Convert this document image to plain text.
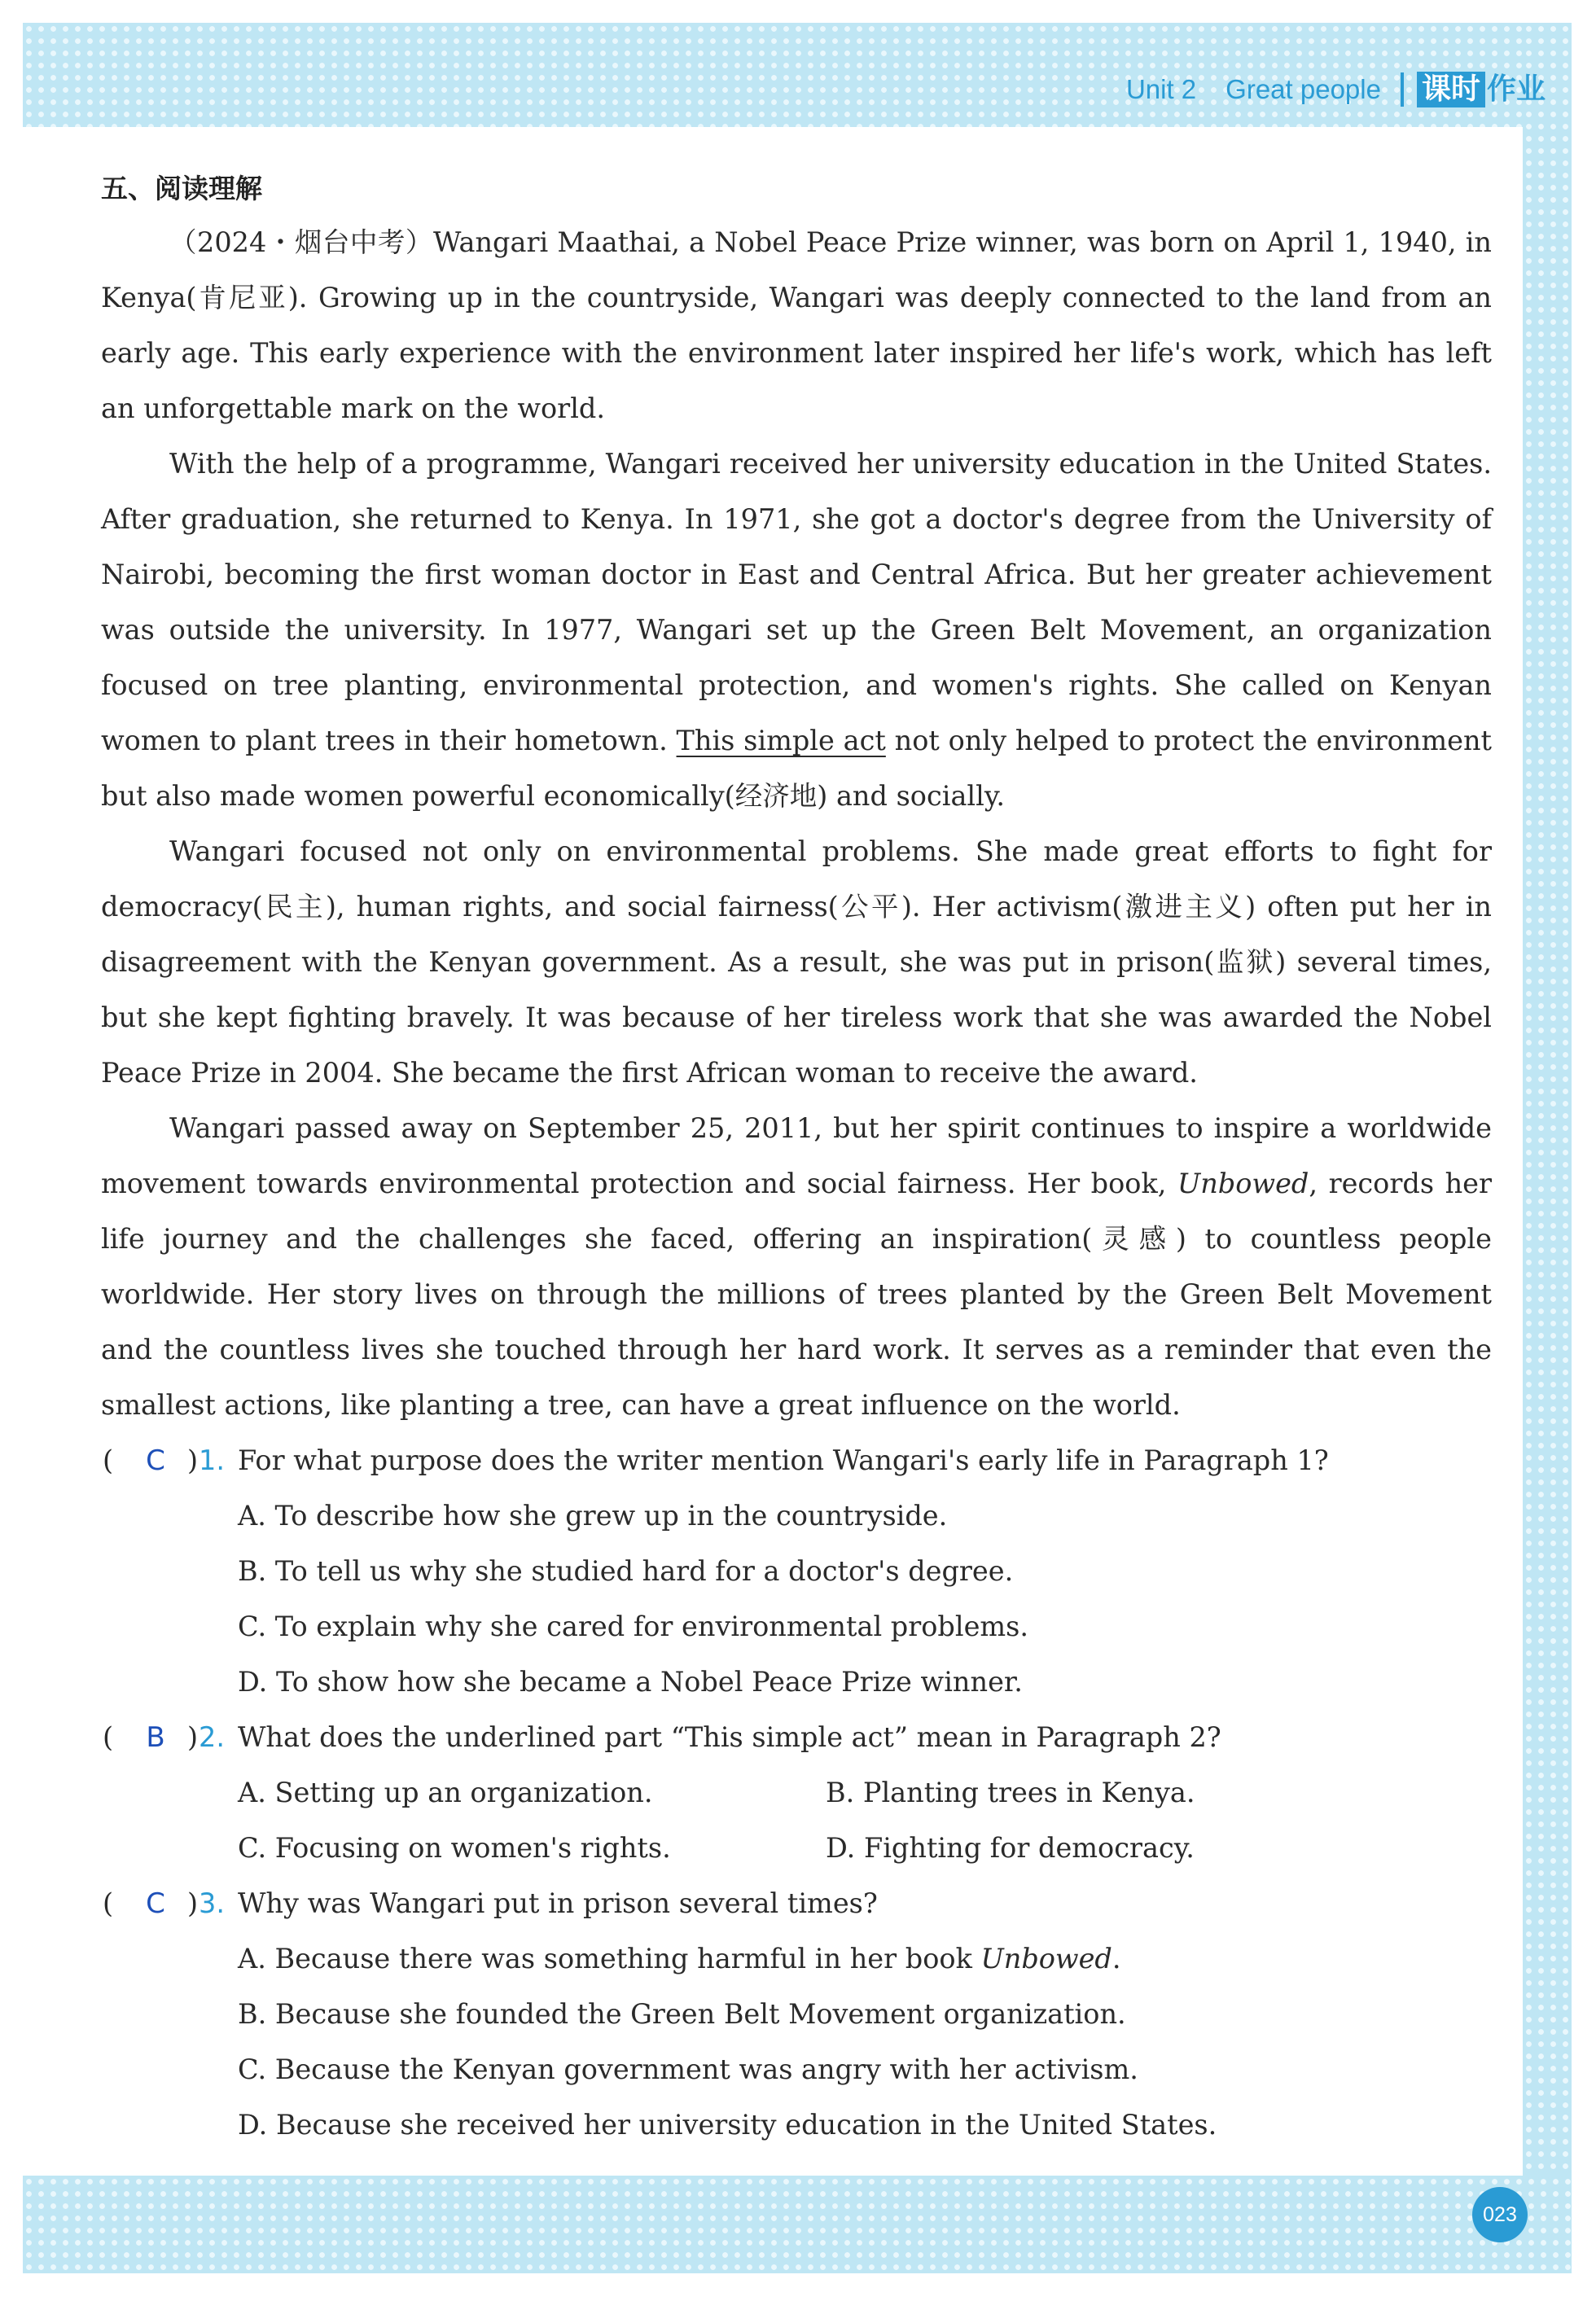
Unit 2 Great people 课时 作业
五、阅读理解

（2024・烟台中考）Wangari Maathai, a Nobel Peace Prize winner, was born on April 1, 1940, in Kenya(肯尼亚). Growing up in the countryside, Wangari was deeply connected to the land from an early age. This early experience with the environment later inspired her life's work, which has left an unforgettable mark on the world.

With the help of a programme, Wangari received her university education in the United States. After graduation, she returned to Kenya. In 1971, she got a doctor's degree from the University of Nairobi, becoming the first woman doctor in East and Central Africa. But her greater achievement was outside the university. In 1977, Wangari set up the Green Belt Movement, an organization focused on tree planting, environmental protection, and women's rights. She called on Kenyan women to plant trees in their hometown. This simple act not only helped to protect the environment but also made women powerful economically(经济地) and socially.

Wangari focused not only on environmental problems. She made great efforts to fight for democracy(民主), human rights, and social fairness(公平). Her activism(激进主义) often put her in disagreement with the Kenyan government. As a result, she was put in prison(监狱) several times, but she kept fighting bravely. It was because of her tireless work that she was awarded the Nobel Peace Prize in 2004. She became the first African woman to receive the award.

Wangari passed away on September 25, 2011, but her spirit continues to inspire a worldwide movement towards environmental protection and social fairness. Her book, Unbowed, records her life journey and the challenges she faced, offering an inspiration(灵感) to countless people worldwide. Her story lives on through the millions of trees planted by the Green Belt Movement and the countless lives she touched through her hard work. It serves as a reminder that even the smallest actions, like planting a tree, can have a great influence on the world.

(	C ) 1. For what purpose does the writer mention Wangari's early life in Paragraph 1?
A. To describe how she grew up in the countryside.
B. To tell us why she studied hard for a doctor's degree.
C. To explain why she cared for environmental problems.
D. To show how she became a Nobel Peace Prize winner.
(	B ) 2. What does the underlined part “This simple act” mean in Paragraph 2?
A. Setting up an organization.	B. Planting trees in Kenya.
C. Focusing on women's rights.	D. Fighting for democracy.
(	C ) 3. Why was Wangari put in prison several times?
A. Because there was something harmful in her book Unbowed.
B. Because she founded the Green Belt Movement organization.
C. Because the Kenyan government was angry with her activism.
D. Because she received her university education in the United States.
023
